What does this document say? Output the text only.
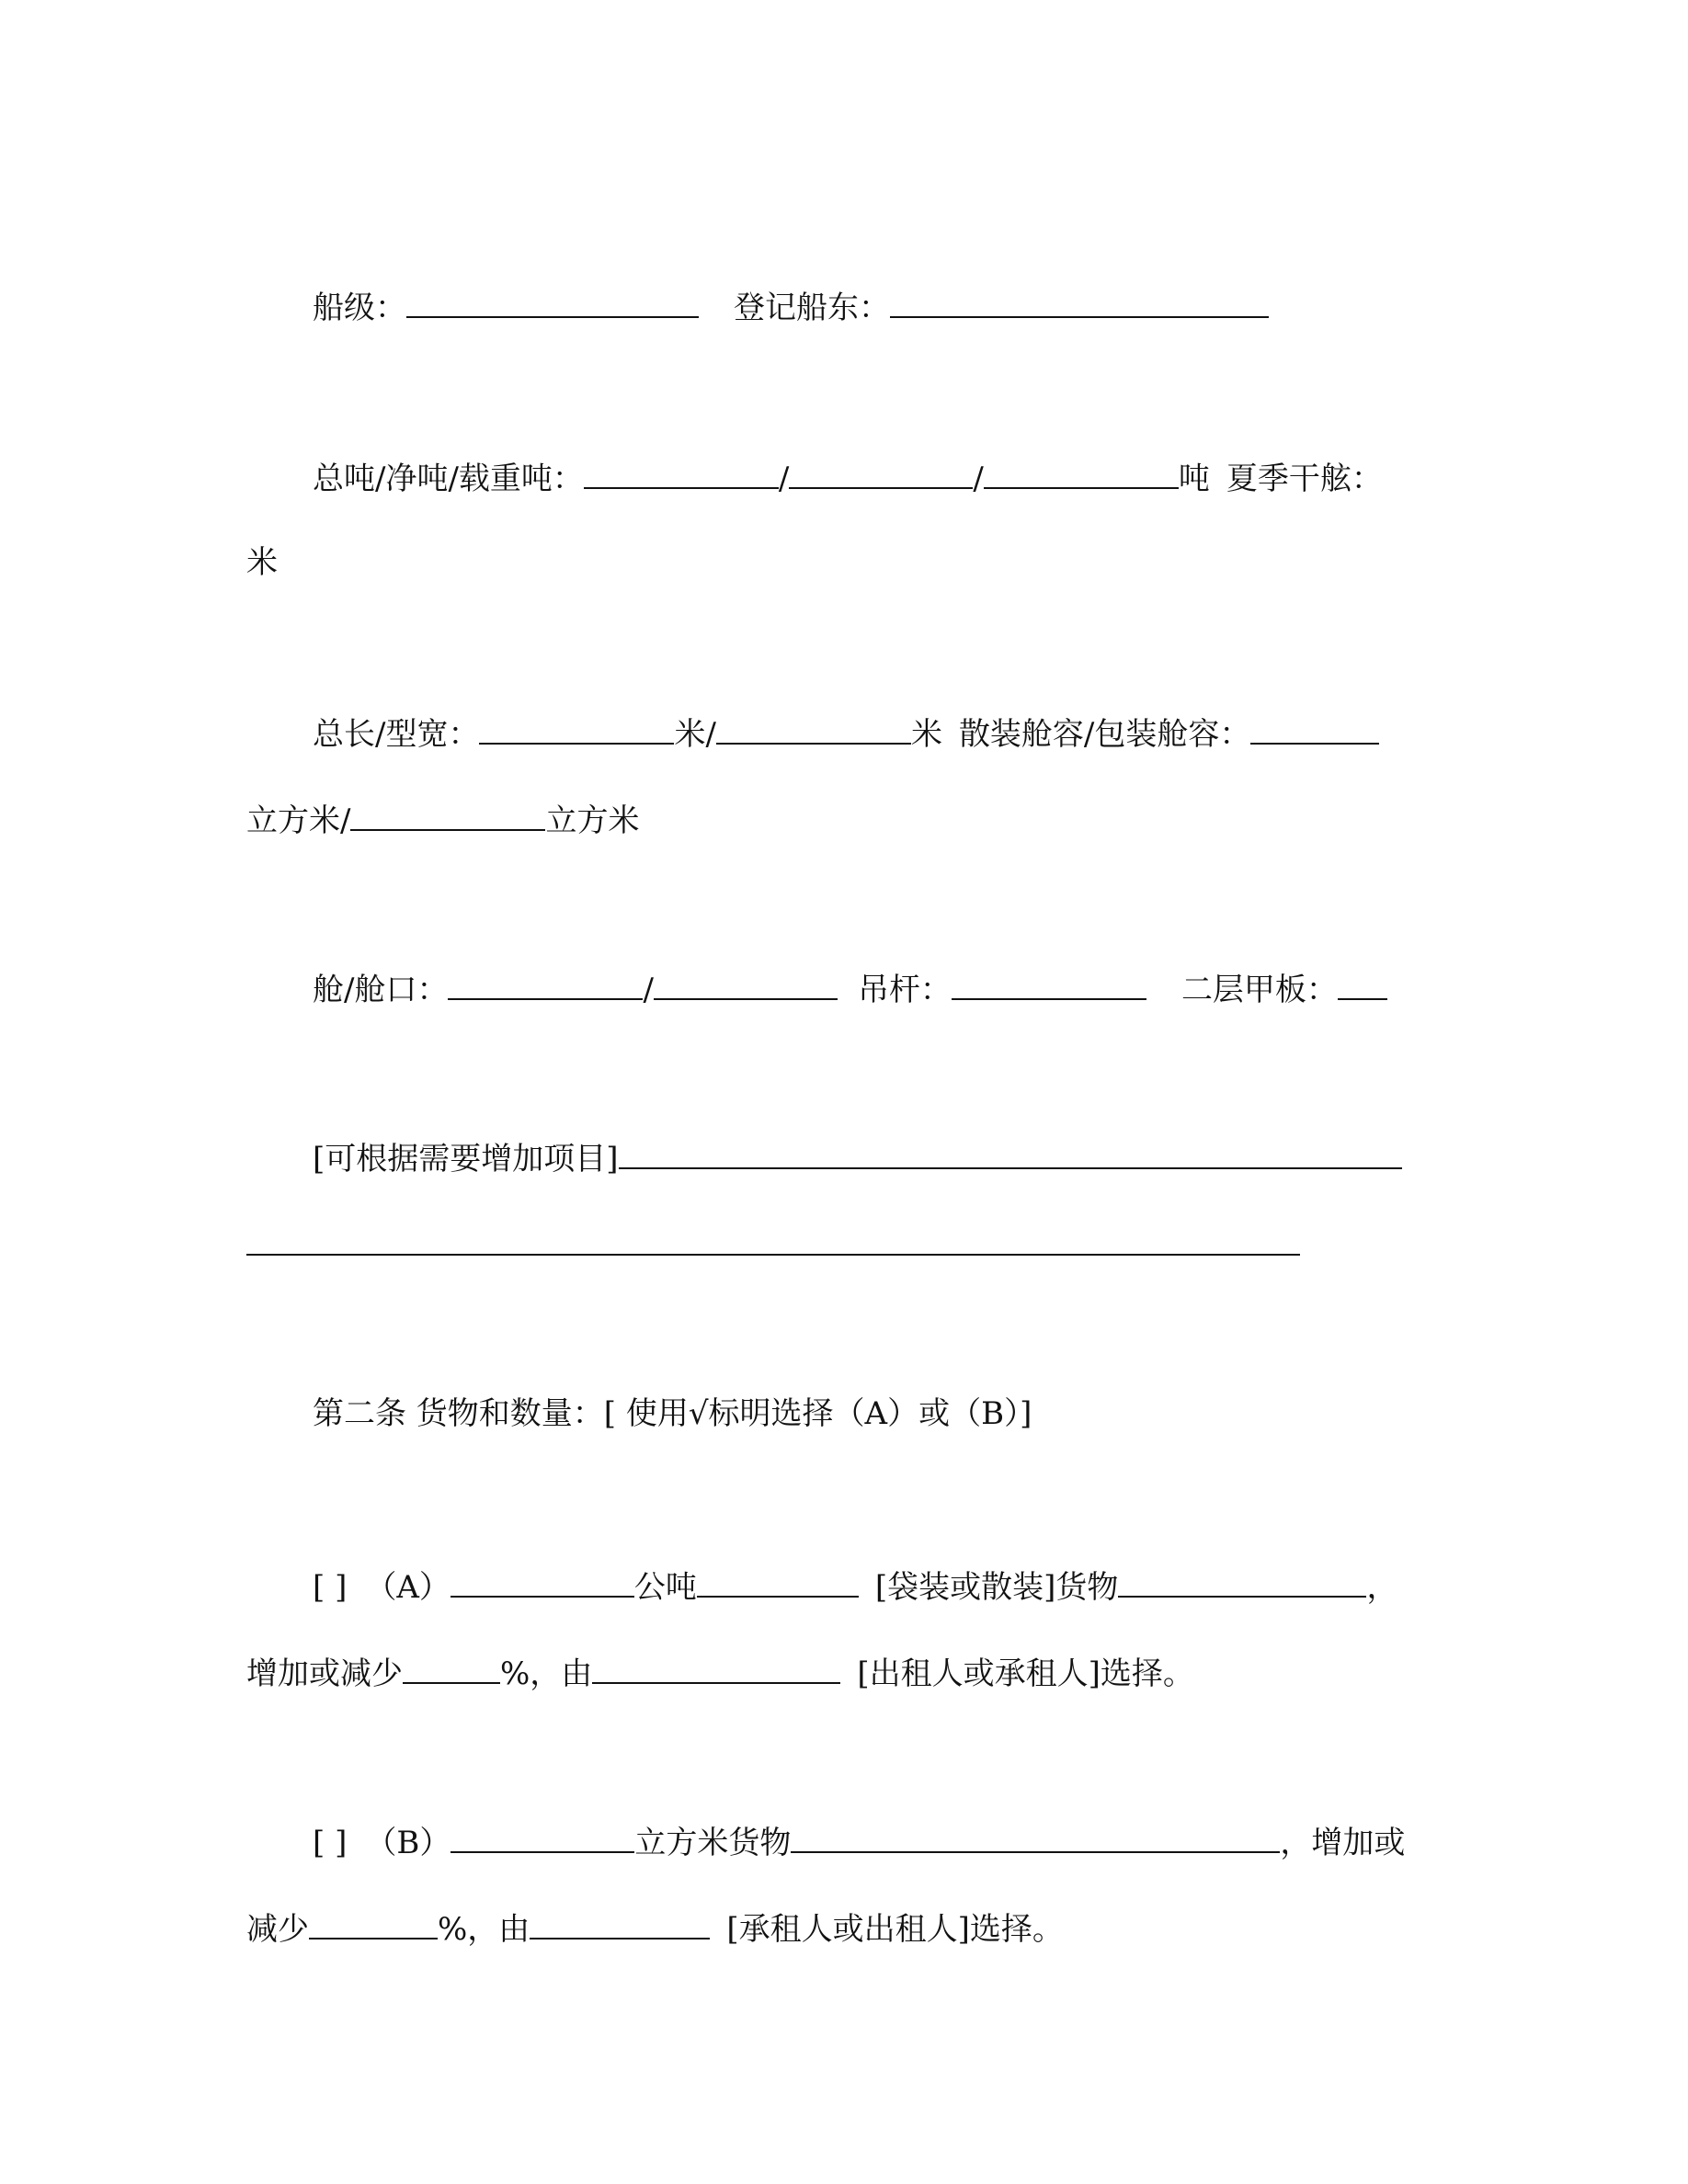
船级：	登记船东：
总吨/净吨/载重吨：	/	/	吨 夏季干舷：
米
总长/型宽：	米/	米 散装舱容/包装舱容：
立方米/	立方米
舱/舱口：	/	吊杆：	二层甲板：
[可根据需要增加项目]
第二条 货物和数量：[ 使用√标明选择（A）或（B）]
[ ] （A）	公吨	[袋装或散装]货物	，
增加或减少	%，由	[出租人或承租人]选择。
[ ] （B）	立方米货物	，增加或
减少	%，由	[承租人或出租人]选择。
